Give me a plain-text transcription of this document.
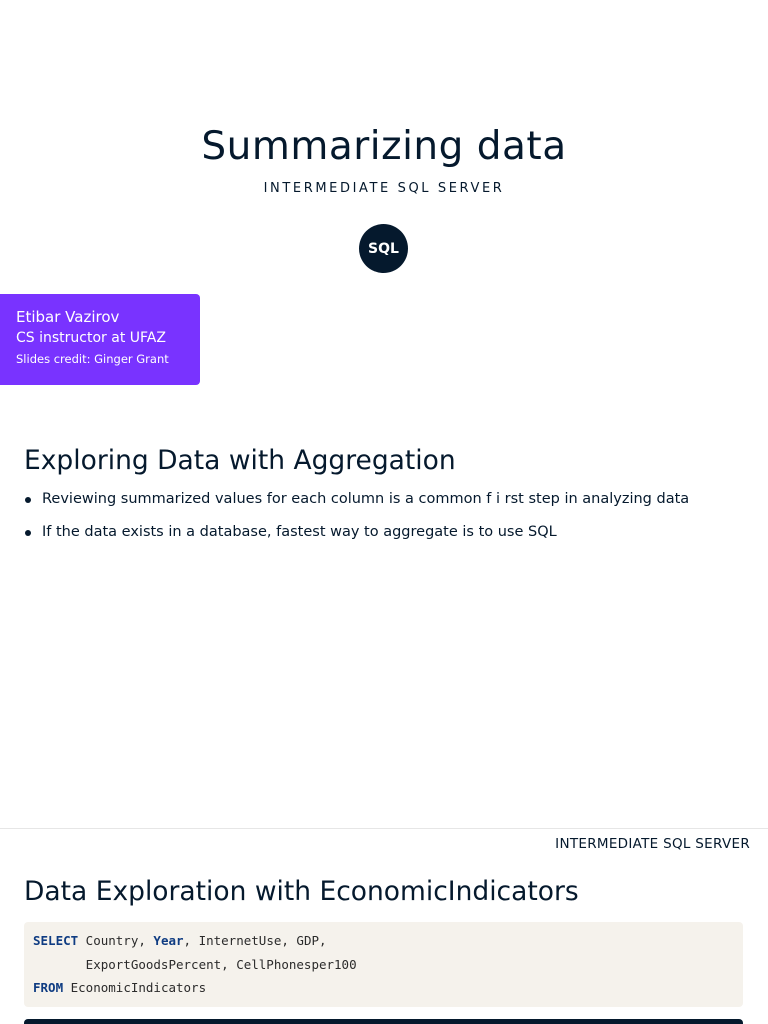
Summarizing data
INTERMEDIATE SQL SERVER
SQL
Etibar Vazirov
CS instructor at UFAZ
Slides credit: Ginger Grant
Exploring Data with Aggregation
Reviewing summarized values for each column is a common f i rst step in analyzing data
If the data exists in a database, fastest way to aggregate is to use SQL
INTERMEDIATE SQL SERVER
Data Exploration with EconomicIndicators
SELECT Country, Year, InternetUse, GDP,
ExportGoodsPercent, CellPhonesper100
FROM EconomicIndicators
